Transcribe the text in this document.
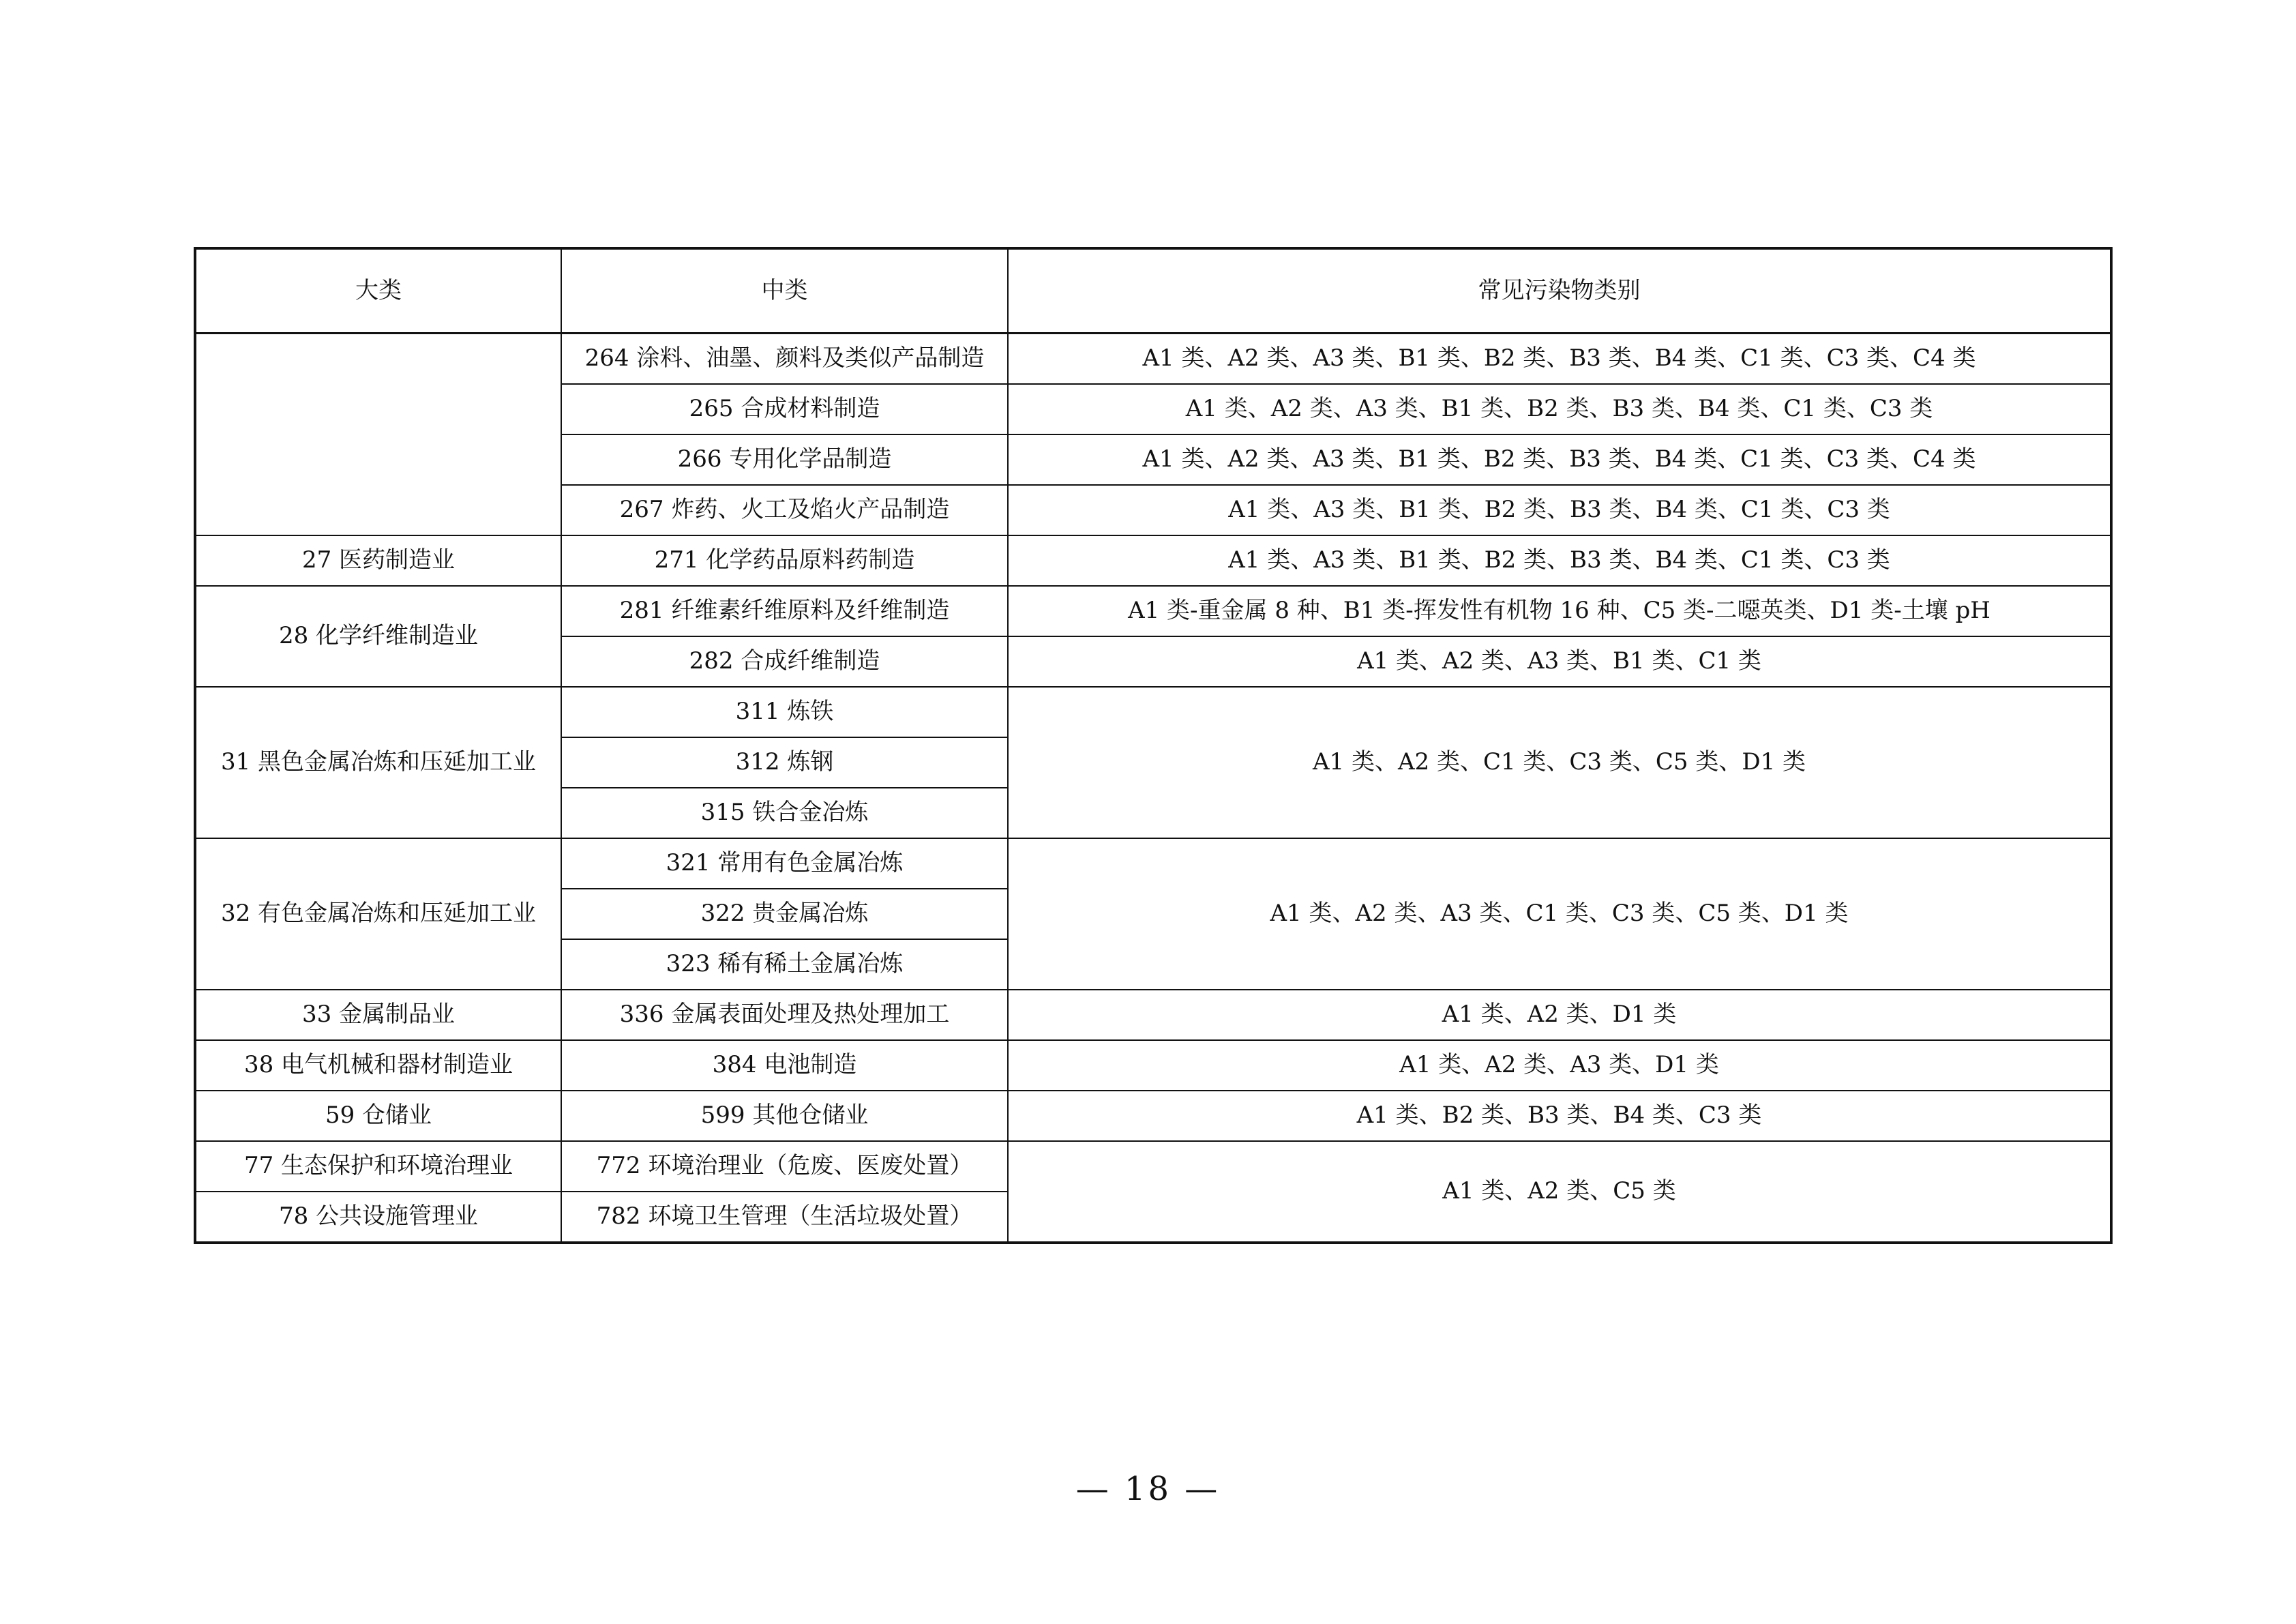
大类	中类	常见污染物类别
	264 涂料、油墨、颜料及类似产品制造	A1 类、A2 类、A3 类、B1 类、B2 类、B3 类、B4 类、C1 类、C3 类、C4 类
	265 合成材料制造	A1 类、A2 类、A3 类、B1 类、B2 类、B3 类、B4 类、C1 类、C3 类
	266 专用化学品制造	A1 类、A2 类、A3 类、B1 类、B2 类、B3 类、B4 类、C1 类、C3 类、C4 类
	267 炸药、火工及焰火产品制造	A1 类、A3 类、B1 类、B2 类、B3 类、B4 类、C1 类、C3 类
27 医药制造业	271 化学药品原料药制造	A1 类、A3 类、B1 类、B2 类、B3 类、B4 类、C1 类、C3 类
28 化学纤维制造业	281 纤维素纤维原料及纤维制造	A1 类-重金属 8 种、B1 类-挥发性有机物 16 种、C5 类-二噁英类、D1 类-土壤 pH
	282 合成纤维制造	A1 类、A2 类、A3 类、B1 类、C1 类
31 黑色金属冶炼和压延加工业	311 炼铁	A1 类、A2 类、C1 类、C3 类、C5 类、D1 类
	312 炼钢	
	315 铁合金冶炼	
32 有色金属冶炼和压延加工业	321 常用有色金属冶炼	A1 类、A2 类、A3 类、C1 类、C3 类、C5 类、D1 类
	322 贵金属冶炼	
	323 稀有稀土金属冶炼	
33 金属制品业	336 金属表面处理及热处理加工	A1 类、A2 类、D1 类
38 电气机械和器材制造业	384 电池制造	A1 类、A2 类、A3 类、D1 类
59 仓储业	599 其他仓储业	A1 类、B2 类、B3 类、B4 类、C3 类
77 生态保护和环境治理业	772 环境治理业（危废、医废处置）	A1 类、A2 类、C5 类
78 公共设施管理业	782 环境卫生管理（生活垃圾处置）	
— 18 —
